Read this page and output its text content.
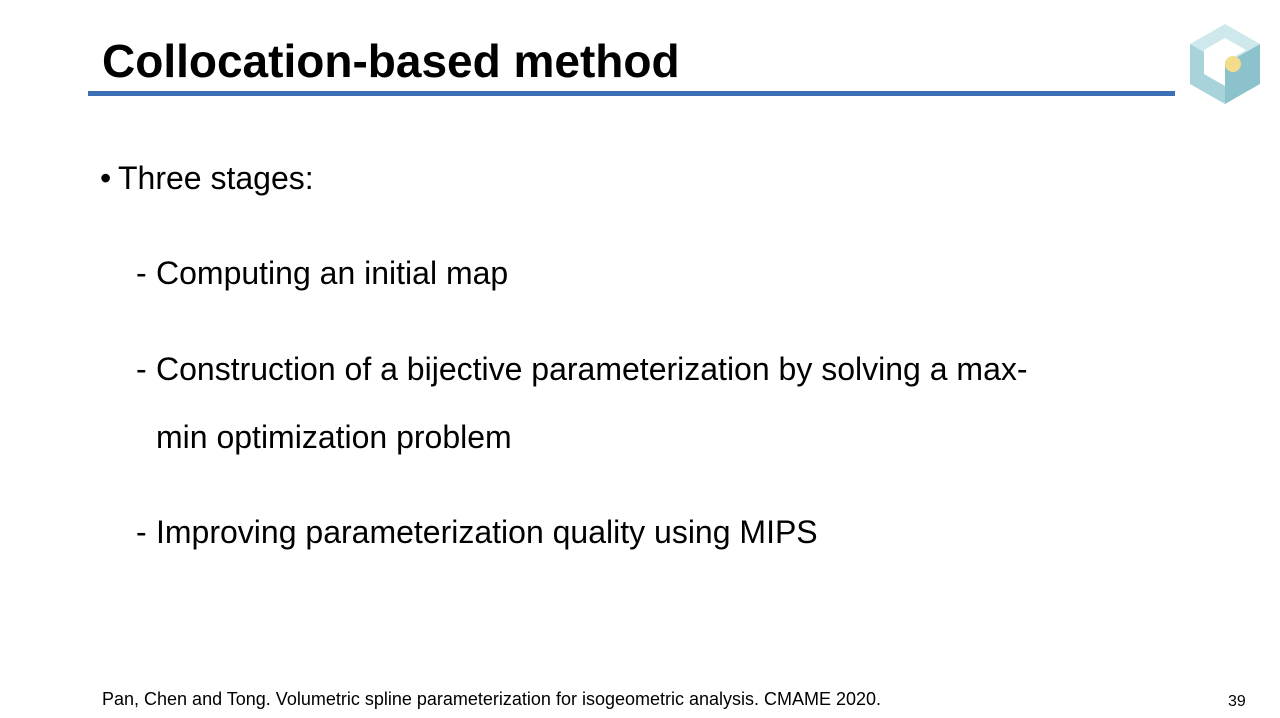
Collocation-based method
• Three stages:
- Computing an initial map
- Construction of a bijective parameterization by solving a max-
min optimization problem
- Improving parameterization quality using MIPS
Pan, Chen and Tong. Volumetric spline parameterization for isogeometric analysis. CMAME 2020.	39
